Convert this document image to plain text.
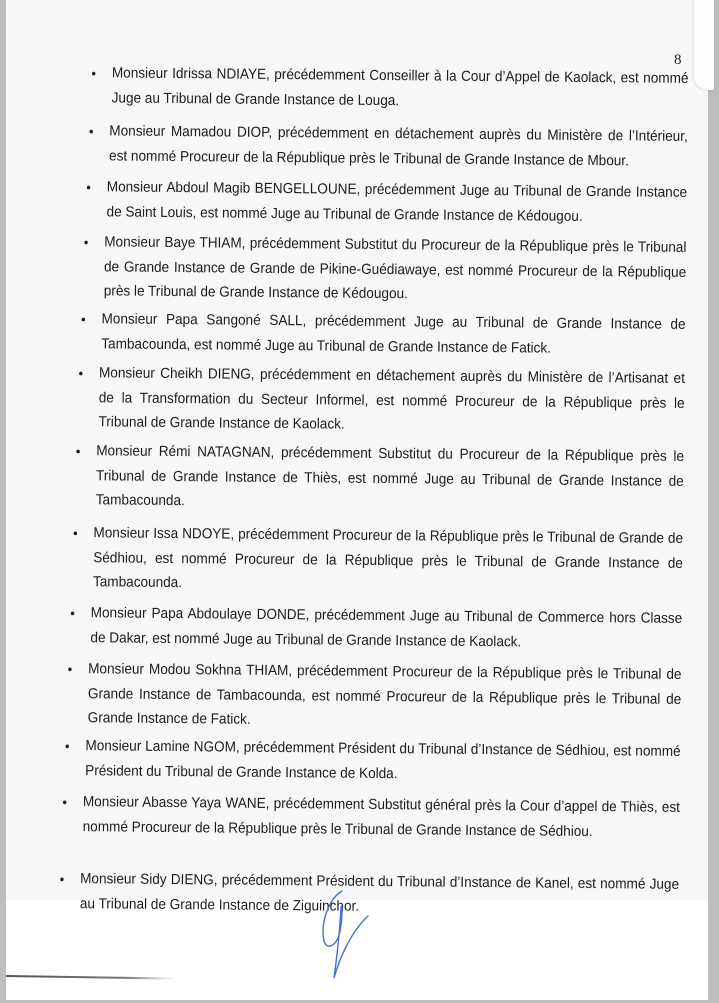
8
• Monsieur Idrissa NDIAYE, précédemment Conseiller à la Cour d’Appel de Kaolack, est nommé Juge au Tribunal de Grande Instance de Louga.

• Monsieur Mamadou DIOP, précédemment en détachement auprès du Ministère de l’Intérieur, est nommé Procureur de la République près le Tribunal de Grande Instance de Mbour.

• Monsieur Abdoul Magib BENGELLOUNE, précédemment Juge au Tribunal de Grande Instance de Saint Louis, est nommé Juge au Tribunal de Grande Instance de Kédougou.

• Monsieur Baye THIAM, précédemment Substitut du Procureur de la République près le Tribunal de Grande Instance de Grande de Pikine-Guédiawaye, est nommé Procureur de la République près le Tribunal de Grande Instance de Kédougou.

• Monsieur Papa Sangoné SALL, précédemment Juge au Tribunal de Grande Instance de Tambacounda, est nommé Juge au Tribunal de Grande Instance de Fatick.

• Monsieur Cheikh DIENG, précédemment en détachement auprès du Ministère de l’Artisanat et de la Transformation du Secteur Informel, est nommé Procureur de la République près le Tribunal de Grande Instance de Kaolack.

• Monsieur Rémi NATAGNAN, précédemment Substitut du Procureur de la République près le Tribunal de Grande Instance de Thiès, est nommé Juge au Tribunal de Grande Instance de Tambacounda.

• Monsieur Issa NDOYE, précédemment Procureur de la République près le Tribunal de Grande de Sédhiou, est nommé Procureur de la République près le Tribunal de Grande Instance de Tambacounda.

• Monsieur Papa Abdoulaye DONDE, précédemment Juge au Tribunal de Commerce hors Classe de Dakar, est nommé Juge au Tribunal de Grande Instance de Kaolack.

• Monsieur Modou Sokhna THIAM, précédemment Procureur de la République près le Tribunal de Grande Instance de Tambacounda, est nommé Procureur de la République près le Tribunal de Grande Instance de Fatick.

• Monsieur Lamine NGOM, précédemment Président du Tribunal d’Instance de Sédhiou, est nommé Président du Tribunal de Grande Instance de Kolda.

• Monsieur Abasse Yaya WANE, précédemment Substitut général près la Cour d’appel de Thiès, est nommé Procureur de la République près le Tribunal de Grande Instance de Sédhiou.

• Monsieur Sidy DIENG, précédemment Président du Tribunal d’Instance de Kanel, est nommé Juge au Tribunal de Grande Instance de Ziguinchor.
